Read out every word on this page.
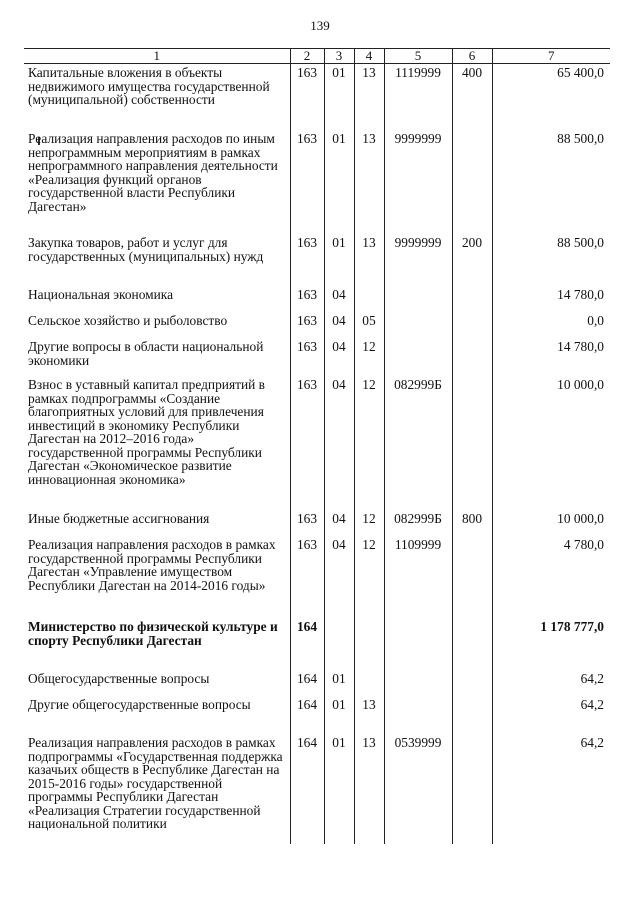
139
1	2	3	4	5	6	7
Капитальные вложения в объекты недвижимого имущества государственной (муниципальной) собственности	163	01	13	1119999	400	65 400,0
Реализация направления расходов по иным непрограммным мероприятиям в рамках непрограммного направления деятельности «Реализация функций органов государственной власти Республики Дагестан»	163	01	13	9999999		88 500,0
Закупка товаров, работ и услуг для государственных (муниципальных) нужд	163	01	13	9999999	200	88 500,0
Национальная экономика	163	04				14 780,0
Сельское хозяйство и рыболовство	163	04	05			0,0
Другие вопросы в области национальной экономики	163	04	12			14 780,0
Взнос в уставный капитал предприятий в рамках подпрограммы «Создание благоприятных условий для привлечения инвестиций в экономику Республики Дагестан на 2012–2016 года» государственной программы Республики Дагестан «Экономическое развитие инновационная экономика»	163	04	12	082999Б		10 000,0
Иные бюджетные ассигнования	163	04	12	082999Б	800	10 000,0
Реализация направления расходов в рамках государственной программы Республики Дагестан «Управление имуществом Республики Дагестан на 2014-2016 годы»	163	04	12	1109999		4 780,0
Министерство по физической культуре и спорту Республики Дагестан	164					1 178 777,0
Общегосударственные вопросы	164	01				64,2
Другие общегосударственные вопросы	164	01	13			64,2
Реализация направления расходов в рамках подпрограммы «Государственная поддержка казачьих обществ в Республике Дагестан на 2015-2016 годы» государственной программы Республики Дагестан «Реализация Стратегии государственной национальной политики	164	01	13	0539999		64,2
